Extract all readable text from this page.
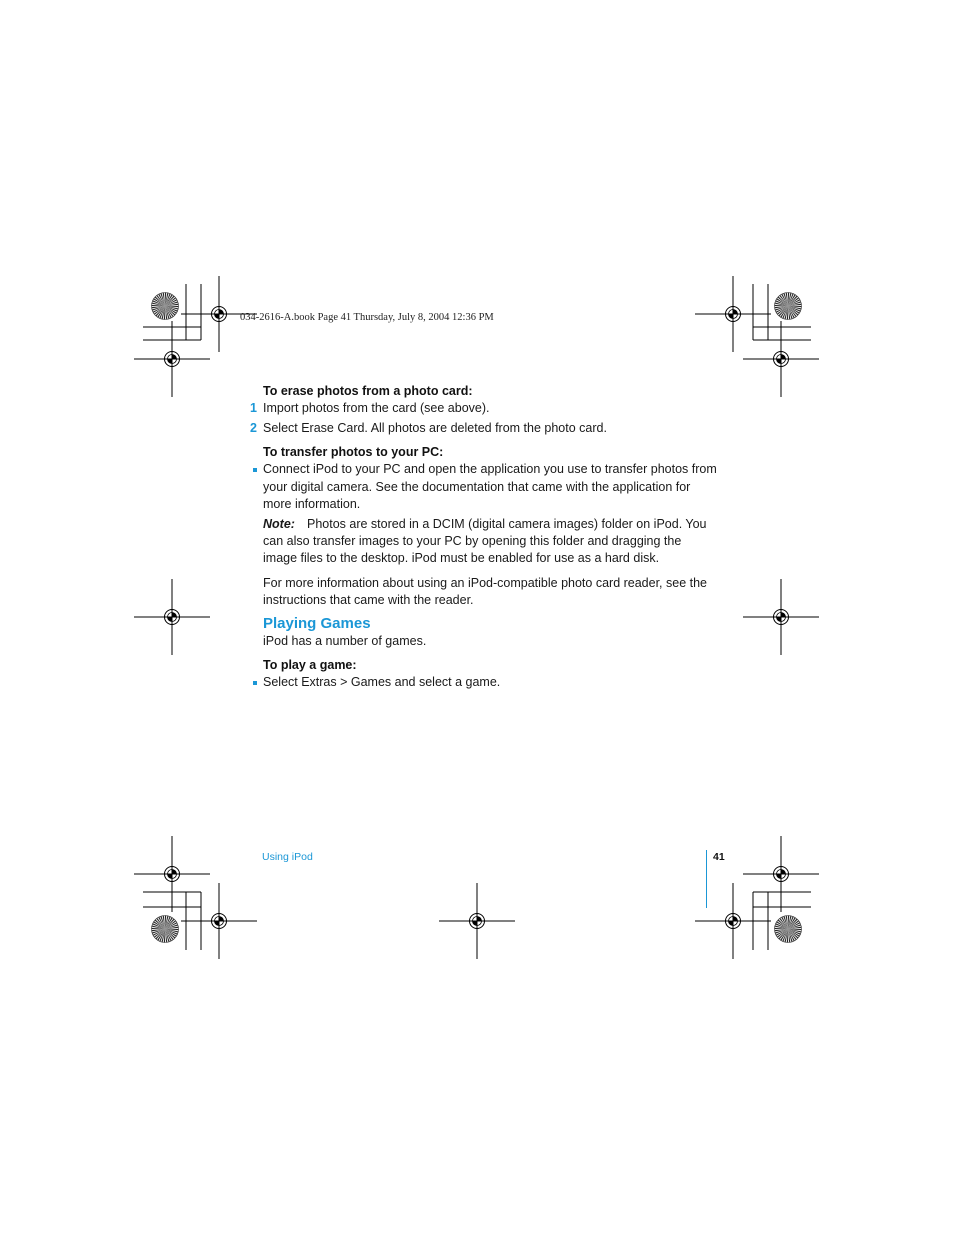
034-2616-A.book Page 41 Thursday, July 8, 2004 12:36 PM
To erase photos from a photo card:
1 Import photos from the card (see above).
2 Select Erase Card. All photos are deleted from the photo card.
To transfer photos to your PC:
Connect iPod to your PC and open the application you use to transfer photos from
your digital camera. See the documentation that came with the application for
more information.
Note: Photos are stored in a DCIM (digital camera images) folder on iPod. You
can also transfer images to your PC by opening this folder and dragging the
image files to the desktop. iPod must be enabled for use as a hard disk.
For more information about using an iPod-compatible photo card reader, see the
instructions that came with the reader.
Playing Games
iPod has a number of games.
To play a game:
Select Extras > Games and select a game.
Using iPod	41
